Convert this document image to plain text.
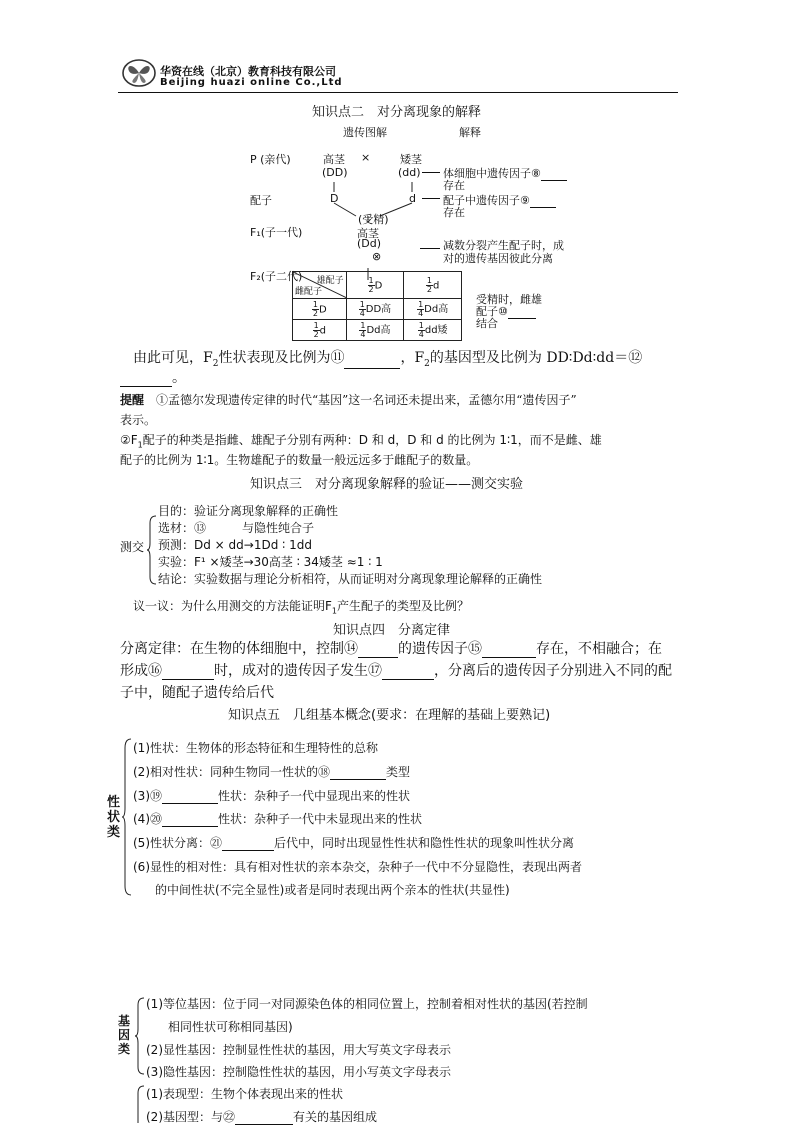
华资在线（北京）教育科技有限公司
Beijing huazi online Co.,Ltd
知识点二　对分离现象的解释
遗传图解	解释
P (亲代)	高茎 ×	矮茎
(DD)	(dd) 体细胞中遗传因子⑧
存在
配子	D	d 配子中遗传因子⑨
存在
(受精)
F₁(子一代)	高茎
(Dd)
⊗
减数分裂产生配子时，成
对的遗传基因彼此分离
F₂(子二代) 雄配子
雌配子	$\frac{1}{2}$ D	$\frac{1}{2}$ d

$\frac{1}{2}$ D	$\frac{1}{4}$ DD高	$\frac{1}{4}$ Dd高

$\frac{1}{2}$ d	$\frac{1}{4}$ Dd高	$\frac{1}{4}$ dd矮
受精时，雌雄
配子⑩
结合
由此可见，$F_2$性状表现及比例为⑪	，$F_2$的基因型及比例为 DD∶Dd∶dd＝⑫
。
提醒　 ①孟德尔发现遗传定律的时代“基因”这一名词还未提出来，孟德尔用“遗传因子”
表示。
$②F_1$配子的种类是指雌、雄配子分别有两种：D 和 d，D 和 d 的比例为 1∶1，而不是雌、雄
配子的比例为 1∶1。生物雄配子的数量一般远远多于雌配子的数量。
知识点三　对分离现象解释的验证——测交实验
测交
目的：验证分离现象解释的正确性
选材：⑬　　　与隐性纯合子
预测：Dd × dd→1Dd ∶ 1dd
实验：F¹ ×矮茎→30高茎 ∶ 34矮茎 ≈1 ∶ 1
结论：实验数据与理论分析相符，从而证明对分离现象理论解释的正确性
议一议：为什么用测交的方法能证明$F_1$产生配子的类型及比例？
知识点四　分离定律
分离定律：在生物的体细胞中，控制⑭	的遗传因子⑮	存在，不相融合；在
形成⑯	时，成对的遗传因子发生⑰	，分离后的遗传因子分别进入不同的配
子中，随配子遗传给后代
知识点五　几组基本概念(要求：在理解的基础上要熟记)
性
状
类
(1)性状：生物体的形态特征和生理特性的总称
(2)相对性状：同种生物同一性状的⑱	类型
(3)⑲	性状：杂种子一代中显现出来的性状
(4)⑳	性状：杂种子一代中未显现出来的性状
(5)性状分离：㉑	后代中，同时出现显性性状和隐性性状的现象叫性状分离
(6)显性的相对性：具有相对性状的亲本杂交，杂种子一代中不分显隐性，表现出两者
的中间性状(不完全显性)或者是同时表现出两个亲本的性状(共显性)
基
因
类
(1)等位基因：位于同一对同源染色体的相同位置上，控制着相对性状的基因(若控制
相同性状可称相同基因)
(2)显性基因：控制显性性状的基因，用大写英文字母表示
(3)隐性基因：控制隐性性状的基因，用小写英文字母表示
(1)表现型：生物个体表现出来的性状
(2)基因型：与㉒	有关的基因组成
